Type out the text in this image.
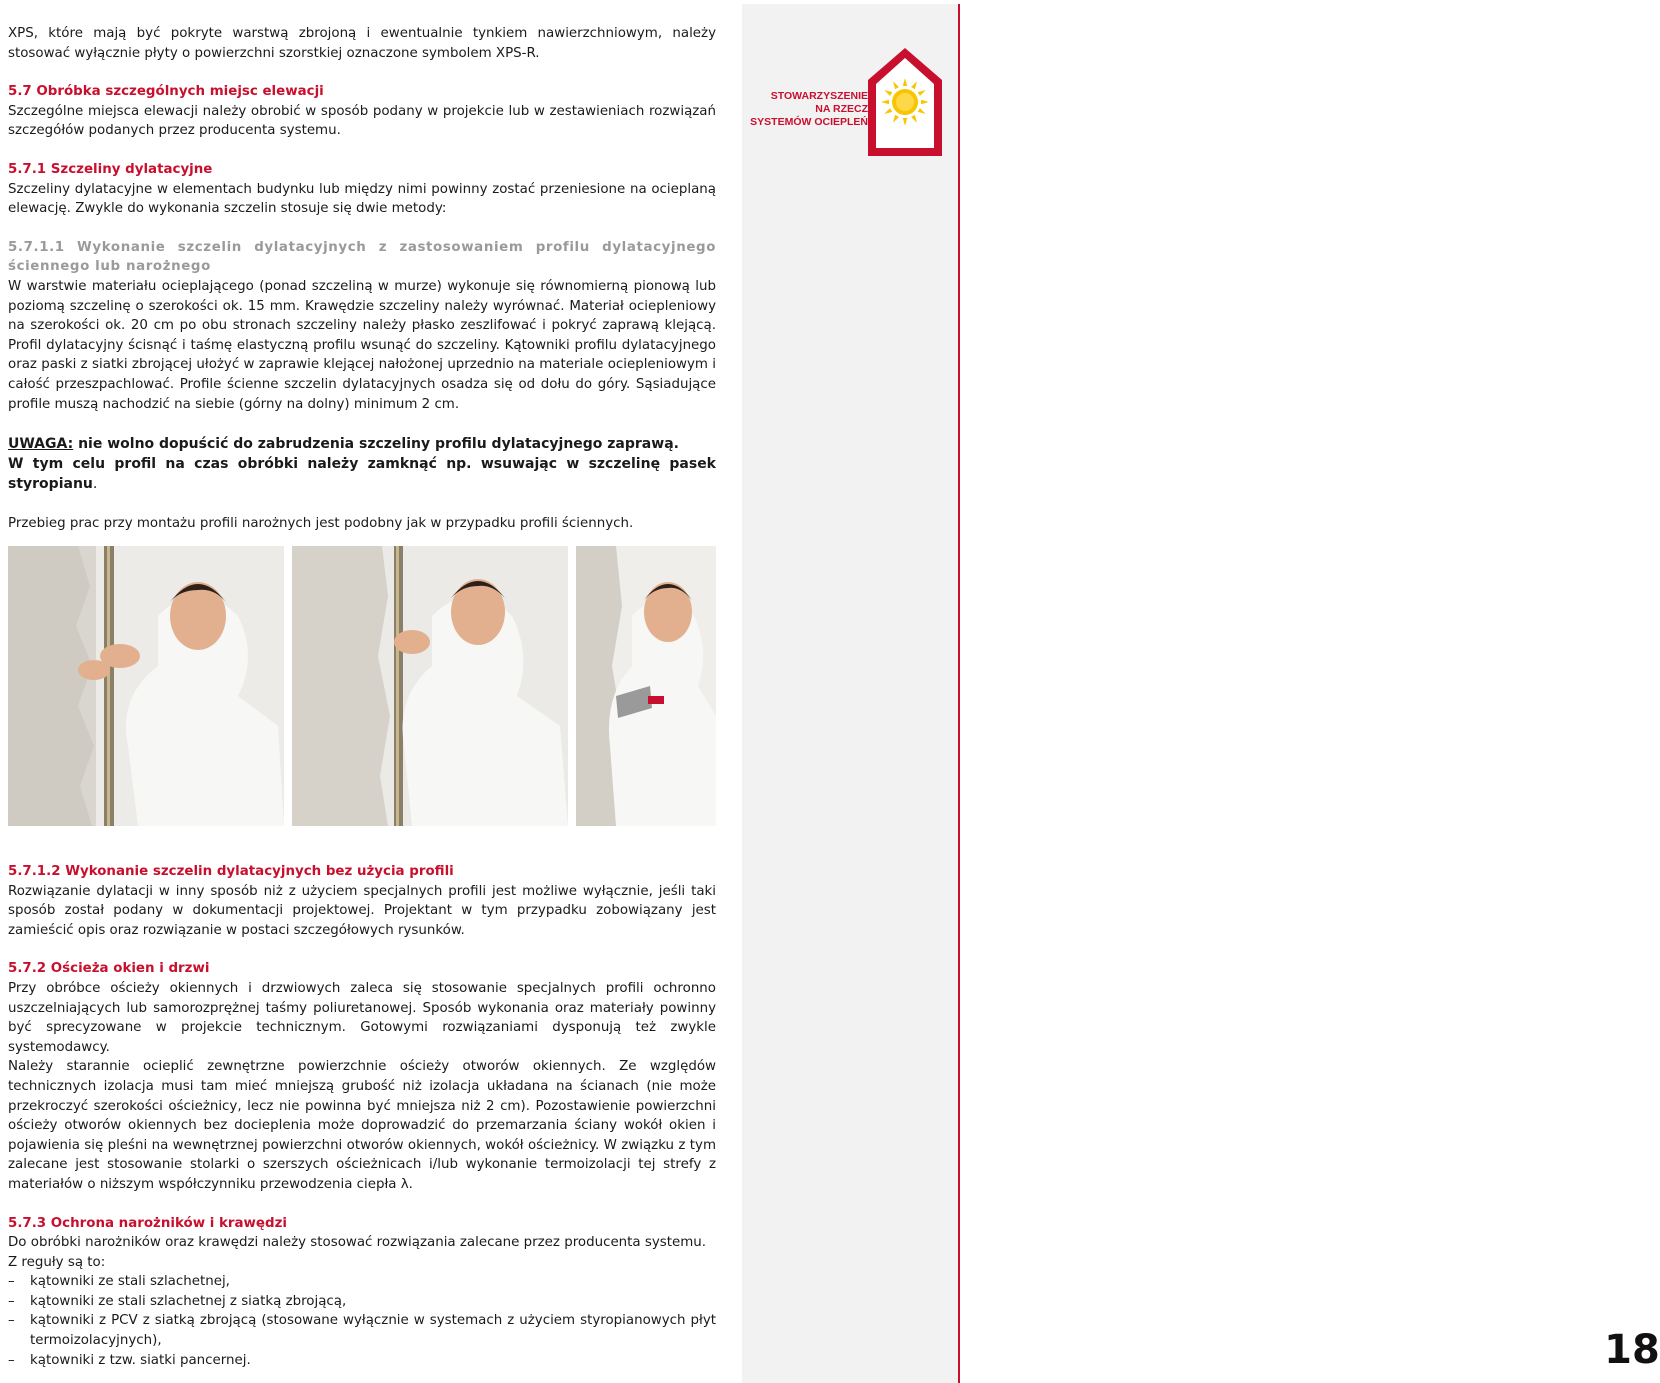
STOWARZYSZENIE
NA RZECZ
SYSTEMÓW OCIEPLEŃ
18

XPS, które mają być pokryte warstwą zbrojoną i ewentualnie tynkiem nawierzchniowym, należy stosować wyłącznie płyty o powierzchni szorstkiej oznaczone symbolem XPS-R.

5.7 Obróbka szczególnych miejsc elewacji

Szczególne miejsca elewacji należy obrobić w sposób podany w projekcie lub w zestawieniach rozwiązań szczegółów podanych przez producenta systemu.

5.7.1 Szczeliny dylatacyjne

Szczeliny dylatacyjne w elementach budynku lub między nimi powinny zostać przeniesione na ocieplaną elewację. Zwykle do wykonania szczelin stosuje się dwie metody:

5.7.1.1 Wykonanie szczelin dylatacyjnych z zastosowaniem profilu dylatacyjnego ściennego lub narożnego

W warstwie materiału ocieplającego (ponad szczeliną w murze) wykonuje się równomierną pionową lub poziomą szczelinę o szerokości ok. 15 mm. Krawędzie szczeliny należy wyrównać. Materiał ociepleniowy na szerokości ok. 20 cm po obu stronach szczeliny należy płasko zeszlifować i pokryć zaprawą klejącą. Profil dylatacyjny ścisnąć i taśmę elastyczną profilu wsunąć do szczeliny. Kątowniki profilu dylatacyjnego oraz paski z siatki zbrojącej ułożyć w zaprawie klejącej nałożonej uprzednio na materiale ociepleniowym i całość przeszpachlować. Profile ścienne szczelin dylatacyjnych osadza się od dołu do góry. Sąsiadujące profile muszą nachodzić na siebie (górny na dolny) minimum 2 cm.

UWAGA: nie wolno dopuścić do zabrudzenia szczeliny profilu dylatacyjnego zaprawą.
W tym celu profil na czas obróbki należy zamknąć np. wsuwając w szczelinę pasek styropianu.

Przebieg prac przy montażu profili narożnych jest podobny jak w przypadku profili ściennych.

5.7.1.2 Wykonanie szczelin dylatacyjnych bez użycia profili

Rozwiązanie dylatacji w inny sposób niż z użyciem specjalnych profili jest możliwe wyłącznie, jeśli taki sposób został podany w dokumentacji projektowej. Projektant w tym przypadku zobowiązany jest zamieścić opis oraz rozwiązanie w postaci szczegółowych rysunków.

5.7.2 Ościeża okien i drzwi

Przy obróbce ościeży okiennych i drzwiowych zaleca się stosowanie specjalnych profili ochronno uszczelniających lub samorozprężnej taśmy poliuretanowej. Sposób wykonania oraz materiały powinny być sprecyzowane w projekcie technicznym. Gotowymi rozwiązaniami dysponują też zwykle systemodawcy.

Należy starannie ocieplić zewnętrzne powierzchnie ościeży otworów okiennych. Ze względów technicznych izolacja musi tam mieć mniejszą grubość niż izolacja układana na ścianach (nie może przekroczyć szerokości ościeżnicy, lecz nie powinna być mniejsza niż 2 cm). Pozostawienie powierzchni ościeży otworów okiennych bez docieplenia może doprowadzić do przemarzania ściany wokół okien i pojawienia się pleśni na wewnętrznej powierzchni otworów okiennych, wokół ościeżnicy. W związku z tym zalecane jest stosowanie stolarki o szerszych ościeżnicach i/lub wykonanie termoizolacji tej strefy z materiałów o niższym współczynniku przewodzenia ciepła λ.

5.7.3 Ochrona narożników i krawędzi

Do obróbki narożników oraz krawędzi należy stosować rozwiązania zalecane przez producenta systemu.

Z reguły są to:

– kątowniki ze stali szlachetnej,
– kątowniki ze stali szlachetnej z siatką zbrojącą,
– kątowniki z PCV z siatką zbrojącą (stosowane wyłącznie w systemach z użyciem styropianowych płyt termoizolacyjnych),
– kątowniki z tzw. siatki pancernej.
